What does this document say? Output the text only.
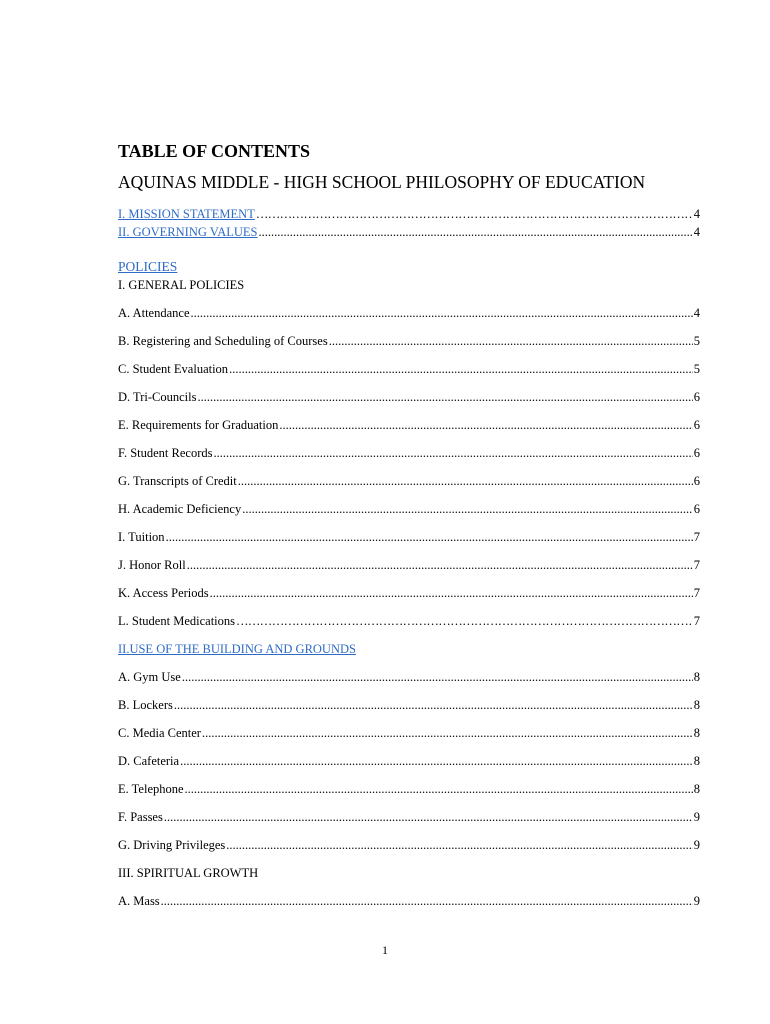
TABLE OF CONTENTS
AQUINAS MIDDLE - HIGH SCHOOL PHILOSOPHY OF EDUCATION
I. MISSION STATEMENT ……………………………………………………………………………………………………………………………………………………	4
II. GOVERNING VALUES .....	4
POLICIES
I. GENERAL POLICIES
A. Attendance .....	4
B. Registering and Scheduling of Courses .....	5
C. Student Evaluation .....	5
D. Tri-Councils .....	6
E. Requirements for Graduation .....	6
F. Student Records .....	6
G. Transcripts of Credit .....	6
H. Academic Deficiency .....	6
I. Tuition .....	7
J. Honor Roll .....	7
K. Access Periods .....	7
L. Student Medications ……………………………………………………………………………………………………………………………………………………	7
II.USE OF THE BUILDING AND GROUNDS
A. Gym Use .....	8
B. Lockers .....	8
C. Media Center .....	8
D. Cafeteria .....	8
E. Telephone .....	8
F. Passes .....	9
G. Driving Privileges .....	9
III. SPIRITUAL GROWTH
A. Mass .....	9
1
